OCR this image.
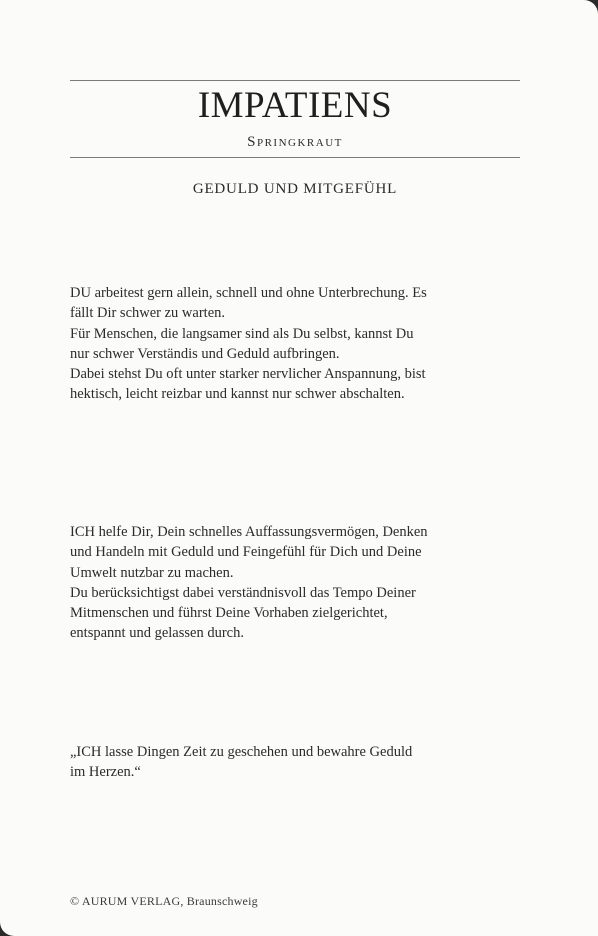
IMPATIENS
Springkraut
GEDULD UND MITGEFÜHL
DU arbeitest gern allein, schnell und ohne Unterbrechung. Es
fällt Dir schwer zu warten.
Für Menschen, die langsamer sind als Du selbst, kannst Du
nur schwer Verständis und Geduld aufbringen.
Dabei stehst Du oft unter starker nervlicher Anspannung, bist
hektisch, leicht reizbar und kannst nur schwer abschalten.
ICH helfe Dir, Dein schnelles Auffassungsvermögen, Denken
und Handeln mit Geduld und Feingefühl für Dich und Deine
Umwelt nutzbar zu machen.
Du berücksichtigst dabei verständnisvoll das Tempo Deiner
Mitmenschen und führst Deine Vorhaben zielgerichtet,
entspannt und gelassen durch.
„ICH lasse Dingen Zeit zu geschehen und bewahre Geduld
im Herzen.“
© AURUM VERLAG, Braunschweig
